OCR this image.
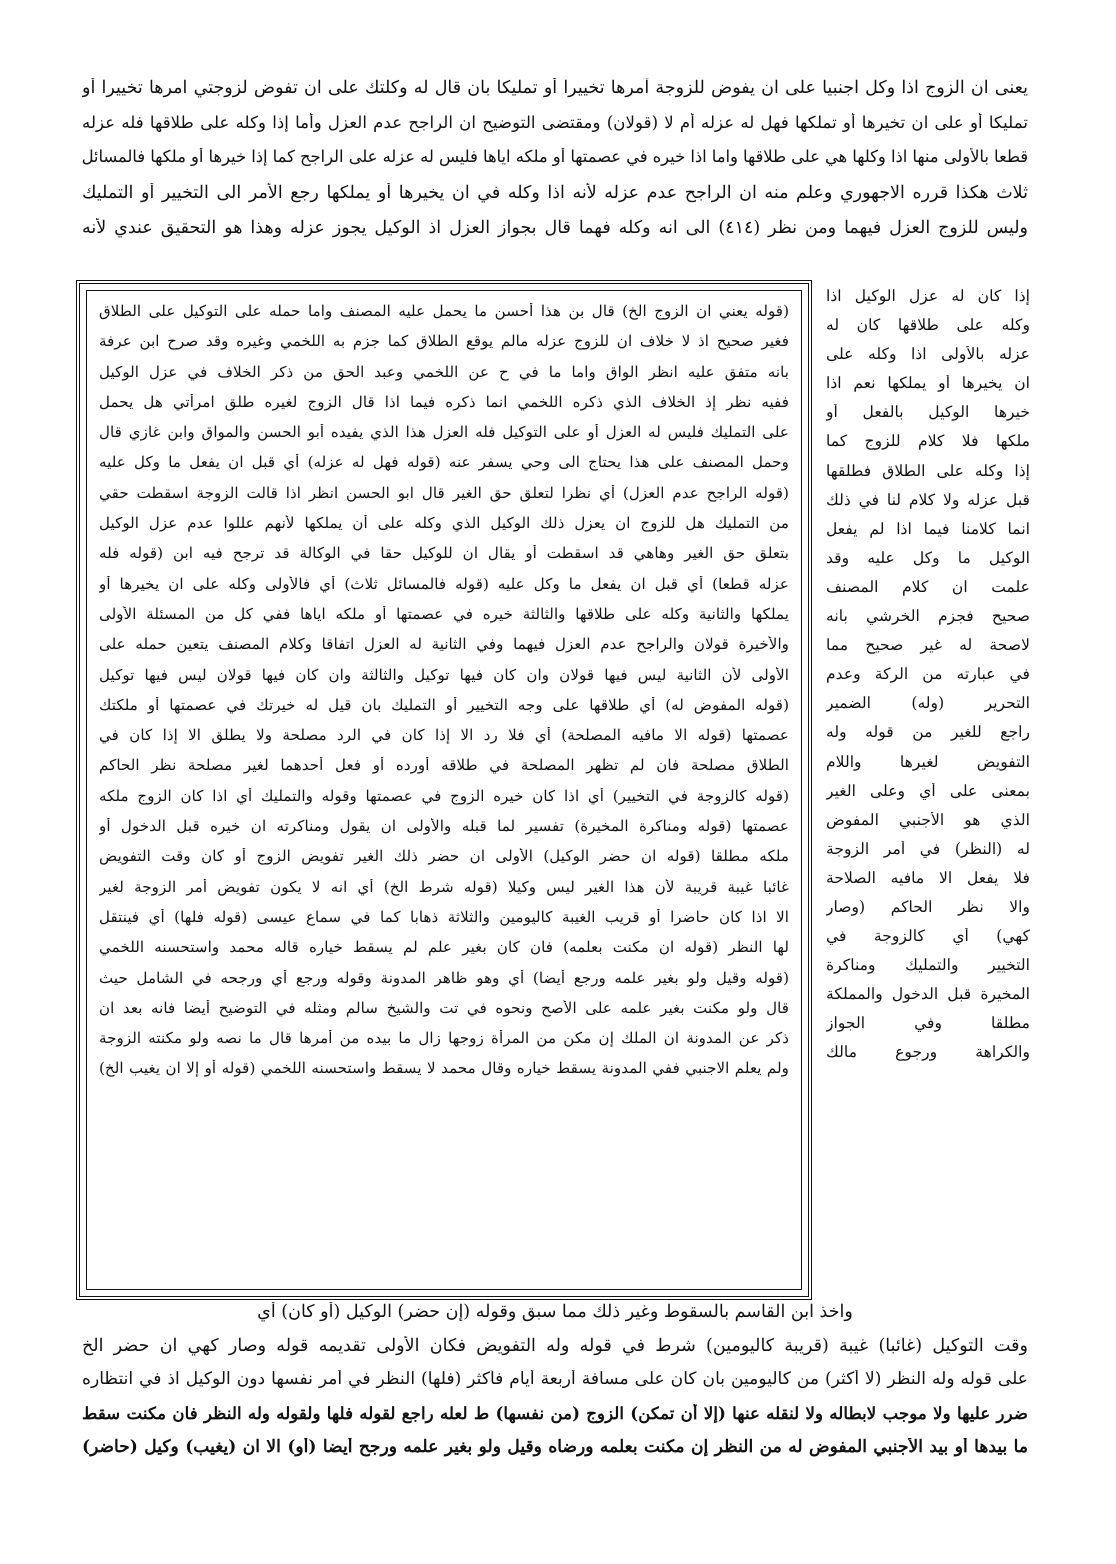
يعنى ان الزوج اذا وكل اجنبيا على ان يفوض للزوجة آمرها تخييرا أو تمليكا بان قال له وكلتك على ان تفوض لزوجتي امرها تخييرا أو
تمليكا أو على ان تخيرها أو تملكها فهل له عزله أم لا (قولان) ومقتضى التوضيح ان الراجح عدم العزل وأما إذا وكله على طلاقها فله عزله
قطعا بالأولى منها اذا وكلها هي على طلاقها واما اذا خيره في عصمتها أو ملكه اياها فليس له عزله على الراجح كما إذا خيرها أو ملكها فالمسائل
ثلاث هكذا قرره الاجهوري وعلم منه ان الراجح عدم عزله لأنه اذا وكله في ان يخيرها أو يملكها رجع الأمر الى التخيير أو التمليك
وليس للزوج العزل فيهما ومن نظر (٤١٤) الى انه وكله فهما قال بجواز العزل اذ الوكيل يجوز عزله وهذا هو التحقيق عندي لأنه
(قوله يعني ان الزوج الخ) قال بن هذا أحسن ما يحمل عليه المصنف واما حمله على التوكيل على الطلاق
فغير صحيح اذ لا خلاف ان للزوج عزله مالم يوقع الطلاق كما جزم به اللخمي وغيره وقد صرح ابن عرفة
بانه متفق عليه انظر الواق واما ما في ح عن اللخمي وعبد الحق من ذكر الخلاف في عزل الوكيل
ففيه نظر إذ الخلاف الذي ذكره اللخمي انما ذكره فيما اذا قال الزوج لغيره طلق امرأتي هل يحمل
على التمليك فليس له العزل أو على التوكيل فله العزل هذا الذي يفيده أبو الحسن والمواق وابن غازي قال
وحمل المصنف على هذا يحتاج الى وحي يسفر عنه (قوله فهل له عزله) أي قبل ان يفعل ما وكل عليه
(قوله الراجح عدم العزل) أي نظرا لتعلق حق الغير قال ابو الحسن انظر اذا قالت الزوجة اسقطت حقي
من التمليك هل للزوج ان يعزل ذلك الوكيل الذي وكله على أن يملكها لأنهم عللوا عدم عزل الوكيل
بتعلق حق الغير وهاهي قد اسقطت أو يقال ان للوكيل حقا في الوكالة قد ترجح فيه ابن (قوله فله
عزله قطعا) أي قبل ان يفعل ما وكل عليه (قوله فالمسائل ثلاث) أي فالأولى وكله على ان يخيرها أو
يملكها والثانية وكله على طلاقها والثالثة خيره في عصمتها أو ملكه اياها ففي كل من المسئلة الأولى
والأخيرة قولان والراجح عدم العزل فيهما وفي الثانية له العزل اتفاقا وكلام المصنف يتعين حمله على
الأولى لأن الثانية ليس فيها قولان وان كان فيها توكيل والثالثة وان كان فيها قولان ليس فيها توكيل
(قوله المفوض له) أي طلاقها على وجه التخيير أو التمليك بان قيل له خيرتك في عصمتها أو ملكتك
عصمتها (قوله الا مافيه المصلحة) أي فلا رد الا إذا كان في الرد مصلحة ولا يطلق الا إذا كان في
الطلاق مصلحة فان لم تظهر المصلحة في طلاقه أورده أو فعل أحدهما لغير مصلحة نظر الحاكم
(قوله كالزوجة في التخيير) أي اذا كان خيره الزوج في عصمتها وقوله والتمليك أي اذا كان الزوج ملكه
عصمتها (قوله ومناكرة المخيرة) تفسير لما قبله والأولى ان يقول ومناكرته ان خيره قبل الدخول أو
ملكه مطلقا (قوله ان حضر الوكيل) الأولى ان حضر ذلك الغير تفويض الزوج أو كان وقت التفويض
غائبا غيبة قريبة لأن هذا الغير ليس وكيلا (قوله شرط الخ) أي انه لا يكون تفويض أمر الزوجة لغير
الا اذا كان حاضرا أو قريب الغيبة كاليومين والثلاثة ذهابا كما في سماع عيسى (قوله فلها) أي فينتقل
لها النظر (قوله ان مكنت بعلمه) فان كان بغير علم لم يسقط خياره قاله محمد واستحسنه اللخمي
(قوله وقيل ولو بغير علمه ورجع أيضا) أي وهو ظاهر المدونة وقوله ورجع أي ورجحه في الشامل حيث
قال ولو مكنت بغير علمه على الأصح ونحوه في تت والشيخ سالم ومثله في التوضيح أيضا فانه بعد ان
ذكر عن المدونة ان الملك إن مكن من المرأة زوجها زال ما بيده من أمرها قال ما نصه ولو مكنته الزوجة
ولم يعلم الاجنبي ففي المدونة يسقط خياره وقال محمد لا يسقط واستحسنه اللخمي (قوله أو إلا ان يغيب الخ)
إذا كان له عزل الوكيل اذا
وكله على طلاقها كان له
عزله بالأولى اذا وكله على
ان يخيرها أو يملكها نعم اذا
خيرها الوكيل بالفعل أو
ملكها فلا كلام للزوج كما
إذا وكله على الطلاق فطلقها
قبل عزله ولا كلام لنا في ذلك
انما كلامنا فيما اذا لم يفعل
الوكيل ما وكل عليه وقد
علمت ان كلام المصنف
صحيح فجزم الخرشي بانه
لاصحة له غير صحيح مما
في عبارته من الركة وعدم
التحرير (وله) الضمير
راجع للغير من قوله وله
التفويض لغيرها واللام
بمعنى على أي وعلى الغير
الذي هو الأجنبي المفوض
له (النظر) في أمر الزوجة
فلا يفعل الا مافيه الصلاحة
والا نظر الحاكم (وصار
كهي) أي كالزوجة في
التخيير والتمليك ومناكرة
المخيرة قبل الدخول والمملكة
مطلقا وفي الجواز
والكراهة ورجوع مالك
واخذ ابن القاسم بالسقوط وغير ذلك مما سبق وقوله (إن حضر) الوكيل (أو كان) أي
وقت التوكيل (غائبا) غيبة (قريبة كاليومين) شرط في قوله وله التفويض فكان الأولى تقديمه قوله وصار كهي ان حضر الخ
على قوله وله النظر (لا أكثر) من كاليومين بان كان على مسافة أربعة أيام فأكثر (فلها) النظر في أمر نفسها دون الوكيل اذ في انتظاره
ضرر عليها ولا موجب لابطاله ولا لنقله عنها (إلا أن تمكن) الزوج (من نفسها) ط لعله راجع لقوله فلها ولقوله وله النظر فان مكنت سقط
ما بيدها أو بيد الأجنبي المفوض له من النظر إن مكنت بعلمه ورضاه وقيل ولو بغير علمه ورجح أيضا (أو) الا ان (يغيب) وكيل (حاضر)
